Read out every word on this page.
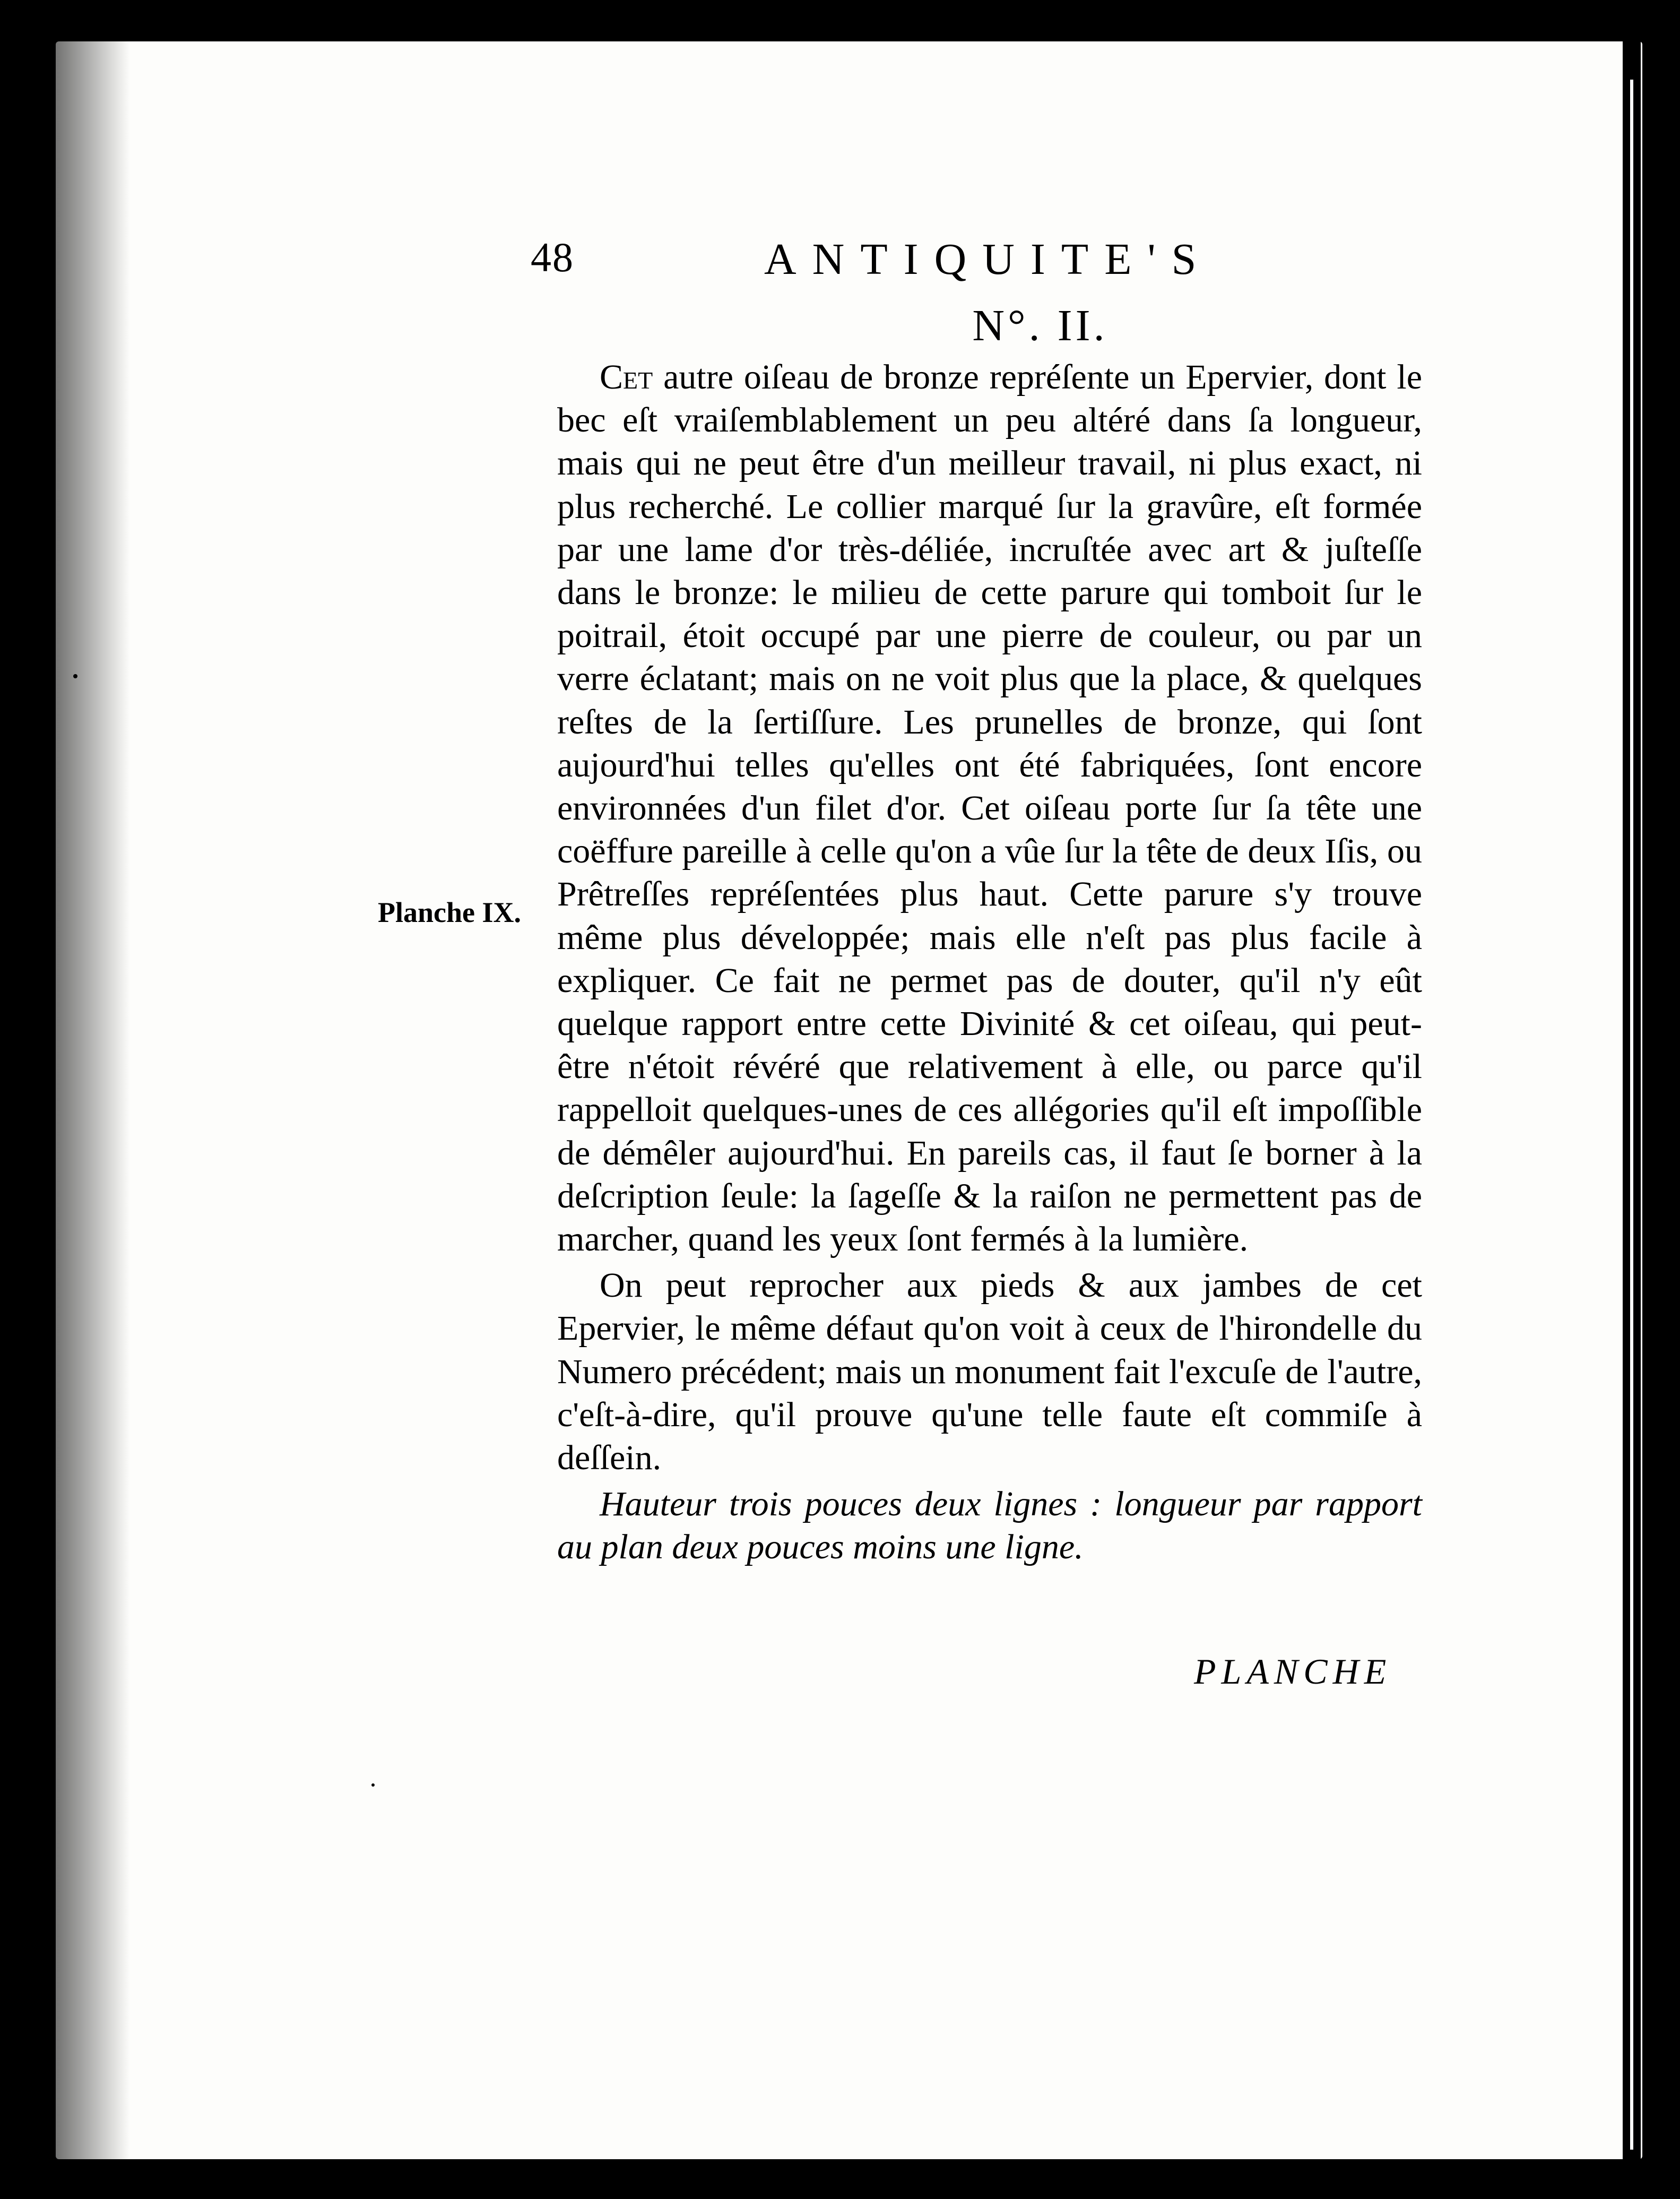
48	ANTIQUITE'S
N°. II.
Planche IX.

Cet autre oiſeau de bronze repréſente un Epervier, dont le bec eſt vraiſemblablement un peu altéré dans ſa longueur, mais qui ne peut être d'un meilleur travail, ni plus exact, ni plus recherché. Le collier marqué ſur la gravûre, eſt formée par une lame d'or très-déliée, incruſtée avec art & juſteſſe dans le bronze: le milieu de cette parure qui tomboit ſur le poitrail, étoit occupé par une pierre de couleur, ou par un verre éclatant; mais on ne voit plus que la place, & quelques reſtes de la ſertiſſure. Les prunelles de bronze, qui ſont aujourd'hui telles qu'elles ont été fabriquées, ſont encore environnées d'un filet d'or. Cet oiſeau porte ſur ſa tête une coëffure pareille à celle qu'on a vûe ſur la tête de deux Iſis, ou Prêtreſſes repréſentées plus haut. Cette parure s'y trouve même plus développée; mais elle n'eſt pas plus facile à expliquer. Ce fait ne permet pas de douter, qu'il n'y eût quelque rapport entre cette Divinité & cet oiſeau, qui peut-être n'étoit révéré que relativement à elle, ou parce qu'il rappelloit quelques-unes de ces allégories qu'il eſt impoſſible de démêler aujourd'hui. En pareils cas, il faut ſe borner à la deſcription ſeule: la ſageſſe & la raiſon ne permettent pas de marcher, quand les yeux ſont fermés à la lumière.

On peut reprocher aux pieds & aux jambes de cet Epervier, le même défaut qu'on voit à ceux de l'hirondelle du Numero précédent; mais un monument fait l'excuſe de l'autre, c'eſt-à-dire, qu'il prouve qu'une telle faute eſt commiſe à deſſein.

Hauteur trois pouces deux lignes : longueur par rapport au plan deux pouces moins une ligne.

PLANCHE
